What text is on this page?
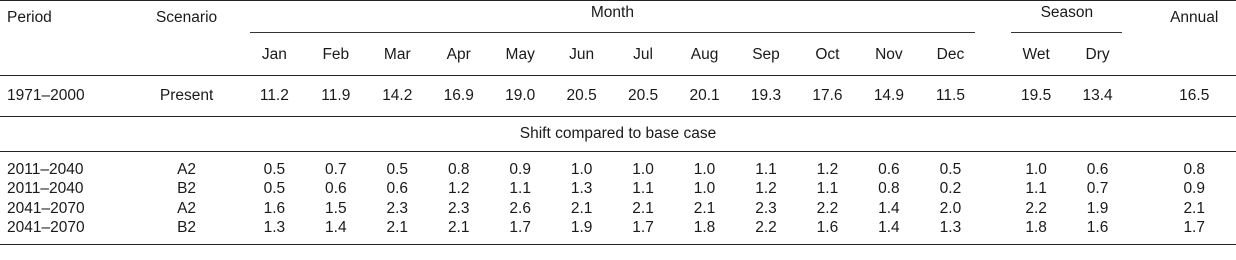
Period	Scenario	Month													Season			Annual
		Jan	Feb	Mar	Apr	May	Jun	Jul	Aug	Sep	Oct	Nov	Dec		Wet	Dry		
1971–2000	Present	11.2	11.9	14.2	16.9	19.0	20.5	20.5	20.1	19.3	17.6	14.9	11.5		19.5	13.4		16.5
Shift compared to base case																		
2011–2040	A2	0.5	0.7	0.5	0.8	0.9	1.0	1.0	1.0	1.1	1.2	0.6	0.5		1.0	0.6		0.8
2011–2040	B2	0.5	0.6	0.6	1.2	1.1	1.3	1.1	1.0	1.2	1.1	0.8	0.2		1.1	0.7		0.9
2041–2070	A2	1.6	1.5	2.3	2.3	2.6	2.1	2.1	2.1	2.3	2.2	1.4	2.0		2.2	1.9		2.1
2041–2070	B2	1.3	1.4	2.1	2.1	1.7	1.9	1.7	1.8	2.2	1.6	1.4	1.3		1.8	1.6		1.7
